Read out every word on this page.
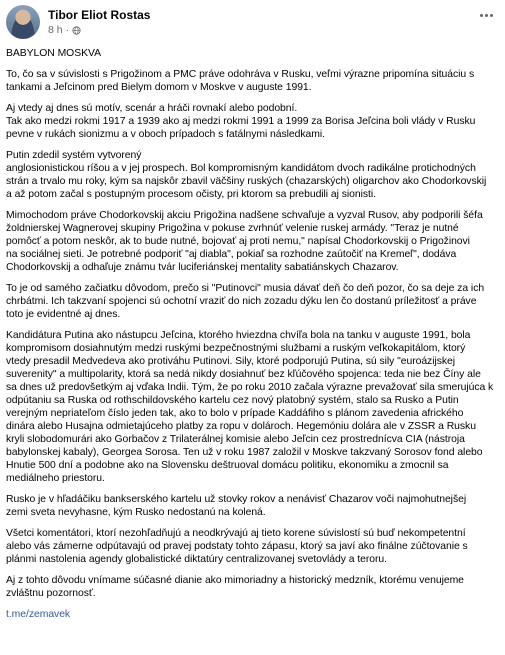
Tibor Eliot Rostas
8 h ·

BABYLON MOSKVA

To, čo sa v súvislosti s Prigožinom a PMC práve odohráva v Rusku, veľmi výrazne pripomína situáciu s
tankami a Jeľcinom pred Bielym domom v Moskve v auguste 1991.

Aj vtedy aj dnes sú motív, scenár a hráči rovnakí alebo podobní.
Tak ako medzi rokmi 1917 a 1939 ako aj medzi rokmi 1991 a 1999 za Borisa Jeľcina boli vlády v Rusku
pevne v rukách sionizmu a v oboch prípadoch s fatálnymi následkami.

Putin zdedil systém vytvorený
anglosionistickou ríšou a v jej prospech. Bol kompromisným kandidátom dvoch radikálne protichodných
strán a trvalo mu roky, kým sa najskôr zbavil väčšiny ruských (chazarských) oligarchov ako Chodorkovskij
a až potom začal s postupným procesom očisty, pri ktorom sa prebudili aj sionisti.

Mimochodom práve Chodorkovskij akciu Prigožina nadšene schvaľuje a vyzval Rusov, aby podporili šéfa
žoldnierskej Wagnerovej skupiny Prigožina v pokuse zvrhnúť velenie ruskej armády. "Teraz je nutné
pomôcť a potom neskôr, ak to bude nutné, bojovať aj proti nemu," napísal Chodorkovskij o Prigožinovi
na sociálnej sieti. Je potrebné podporiť "aj diabla", pokiaľ sa rozhodne zaútočiť na Kremeľ", dodáva
Chodorkovskij a odhaľuje známu tvár luciferiánskej mentality sabatiánskych Chazarov.

To je od samého začiatku dôvodom, prečo si "Putinovci" musia dávať deň čo deň pozor, čo sa deje za ich
chrbátmi. Ich takzvaní spojenci sú ochotní vraziť do nich zozadu dýku len čo dostanú príležitosť a práve
toto je evidentné aj dnes.

Kandidátura Putina ako nástupcu Jeľcina, ktorého hviezdna chvíľa bola na tanku v auguste 1991, bola
kompromisom dosiahnutým medzi ruskými bezpečnostnými službami a ruským veľkokapitálom, ktorý
vtedy presadil Medvedeva ako protiváhu Putinovi. Sily, ktoré podporujú Putina, sú sily "euroázijskej
suverenity" a multipolarity, ktorá sa nedá nikdy dosiahnuť bez kľúčového spojenca: teda nie bez Číny ale
sa dnes už predovšetkým aj vďaka Indii. Tým, že po roku 2010 začala výrazne prevažovať sila smerujúca k
odpútaniu sa Ruska od rothschildovského kartelu cez nový platobný systém, stalo sa Rusko a Putin
verejným nepriateľom číslo jeden tak, ako to bolo v prípade Kaddáfiho s plánom zavedenia afrického
dinára alebo Husajna odmietajúceho platby za ropu v dolároch. Hegemóniu dolára ale v ZSSR a Rusku
kryli slobodomurári ako Gorbačov z Trilaterálnej komisie alebo Jeľcin cez prostrednícva CIA (nástroja
babylonskej kabaly), Georgea Sorosa. Ten už v roku 1987 založil v Moskve takzvaný Sorosov fond alebo
Hnutie 500 dní a podobne ako na Slovensku deštruoval domácu politiku, ekonomiku a zmocnil sa
mediálneho priestoru.

Rusko je v hľadáčiku bankserského kartelu už stovky rokov a nenávisť Chazarov voči najmohutnejšej
zemi sveta nevyhasne, kým Rusko nedostanú na kolená.

Všetci komentátori, ktorí nezohľadňujú a neodkrývajú aj tieto korene súvislostí sú buď nekompetentní
alebo vás zámerne odpútavajú od pravej podstaty tohto zápasu, ktorý sa javí ako finálne zúčtovanie s
plánmi nastolenia agendy globalistické diktatúry centralizovanej svetovlády a teroru.

Aj z tohto dôvodu vnímame súčasné dianie ako mimoriadny a historický medzník, ktorému venujeme
zvláštnu pozornosť.

t.me/zemavek
